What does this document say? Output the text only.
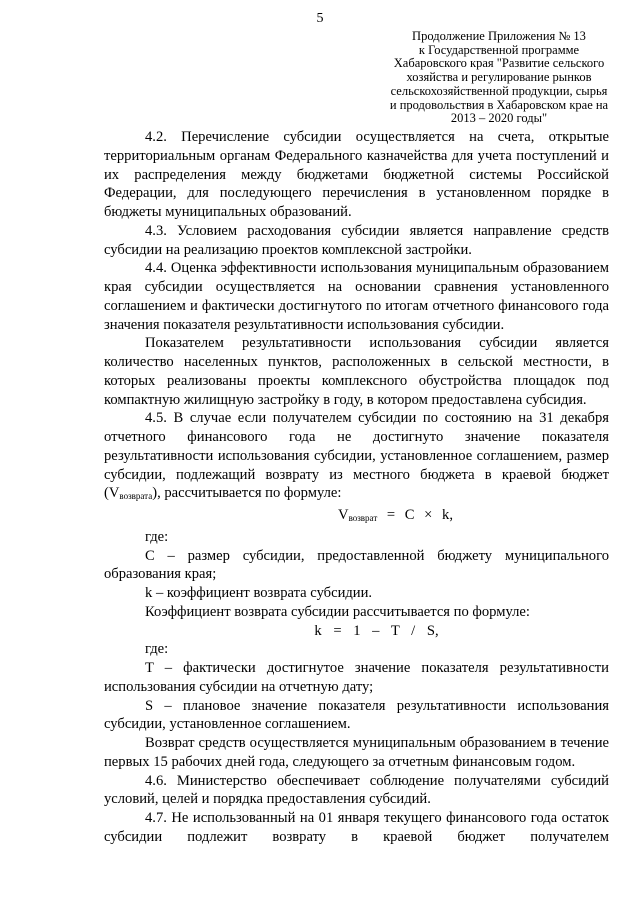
5
Продолжение Приложения № 13
к Государственной программе
Хабаровского края "Развитие сельского
хозяйства и регулирование рынков
сельскохозяйственной продукции, сырья
и продовольствия в Хабаровском крае на
2013 – 2020 годы"

4.2. Перечисление субсидии осуществляется на счета, открытые территориальным органам Федерального казначейства для учета поступлений и их распределения между бюджетами бюджетной системы Российской Федерации, для последующего перечисления в установленном порядке в бюджеты муниципальных образований.

4.3. Условием расходования субсидии является направление средств субсидии на реализацию проектов комплексной застройки.

4.4. Оценка эффективности использования муниципальным образованием края субсидии осуществляется на основании сравнения установленного соглашением и фактически достигнутого по итогам отчетного финансового года значения показателя результативности использования субсидии.

Показателем результативности использования субсидии является количество населенных пунктов, расположенных в сельской местности, в которых реализованы проекты комплексного обустройства площадок под компактную жилищную застройку в году, в котором предоставлена субсидия.

4.5. В случае если получателем субсидии по состоянию на 31 декабря отчетного финансового года не достигнуто значение показателя результативности использования субсидии, установленное соглашением, размер субсидии, подлежащий возврату из местного бюджета в краевой бюджет $(V_{возврата})$, рассчитывается по формуле:

$V_{возврат} = C \times k$,

где:

C – размер субсидии, предоставленной бюджету муниципального образования края;

k – коэффициент возврата субсидии.

Коэффициент возврата субсидии рассчитывается по формуле:

k = 1 – T / S,

где:

T – фактически достигнутое значение показателя результативности использования субсидии на отчетную дату;

S – плановое значение показателя результативности использования субсидии, установленное соглашением.

Возврат средств осуществляется муниципальным образованием в течение первых 15 рабочих дней года, следующего за отчетным финансовым годом.

4.6. Министерство обеспечивает соблюдение получателями субсидий условий, целей и порядка предоставления субсидий.

4.7. Не использованный на 01 января текущего финансового года остаток субсидии подлежит возврату в краевой бюджет получателем
